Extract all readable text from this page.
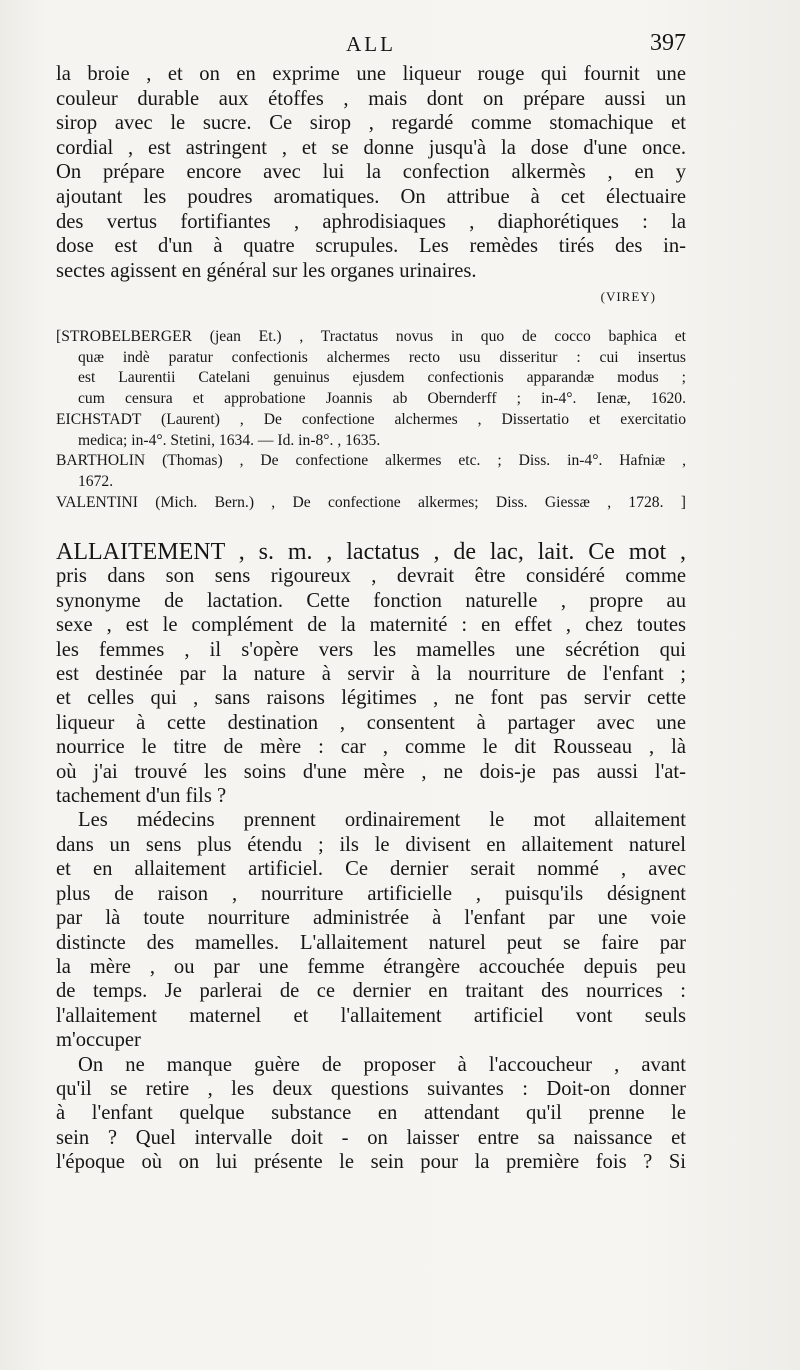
ALL	397
la broie , et on en exprime une liqueur rouge qui fournit une
couleur durable aux étoffes , mais dont on prépare aussi un
sirop avec le sucre. Ce sirop , regardé comme stomachique et
cordial , est astringent , et se donne jusqu'à la dose d'une once.
On prépare encore avec lui la confection alkermès , en y
ajoutant les poudres aromatiques. On attribue à cet électuaire
des vertus fortifiantes , aphrodisiaques , diaphorétiques : la
dose est d'un à quatre scrupules. Les remèdes tirés des in-
sectes agissent en général sur les organes urinaires.
(VIREY)
[STROBELBERGER (jean Et.) , Tractatus novus in quo de cocco baphica et
quæ indè paratur confectionis alchermes recto usu disseritur : cui insertus
est Laurentii Catelani genuinus ejusdem confectionis apparandæ modus ;
cum censura et approbatione Joannis ab Obernderff ; in-4°. Ienæ, 1620.
EICHSTADT (Laurent) , De confectione alchermes , Dissertatio et exercitatio
medica; in-4°. Stetini, 1634. — Id. in-8°. , 1635.
BARTHOLIN (Thomas) , De confectione alkermes etc. ; Diss. in-4°. Hafniæ ,
1672.
VALENTINI (Mich. Bern.) , De confectione alkermes; Diss. Giessæ , 1728. ]
ALLAITEMENT , s. m. , lactatus , de lac, lait. Ce mot ,
pris dans son sens rigoureux , devrait être considéré comme
synonyme de lactation. Cette fonction naturelle , propre au
sexe , est le complément de la maternité : en effet , chez toutes
les femmes , il s'opère vers les mamelles une sécrétion qui
est destinée par la nature à servir à la nourriture de l'enfant ;
et celles qui , sans raisons légitimes , ne font pas servir cette
liqueur à cette destination , consentent à partager avec une
nourrice le titre de mère : car , comme le dit Rousseau , là
où j'ai trouvé les soins d'une mère , ne dois-je pas aussi l'at-
tachement d'un fils ?
Les médecins prennent ordinairement le mot allaitement
dans un sens plus étendu ; ils le divisent en allaitement naturel
et en allaitement artificiel. Ce dernier serait nommé , avec
plus de raison , nourriture artificielle , puisqu'ils désignent
par là toute nourriture administrée à l'enfant par une voie
distincte des mamelles. L'allaitement naturel peut se faire par
la mère , ou par une femme étrangère accouchée depuis peu
de temps. Je parlerai de ce dernier en traitant des nourrices :
l'allaitement maternel et l'allaitement artificiel vont seuls
m'occuper
On ne manque guère de proposer à l'accoucheur , avant
qu'il se retire , les deux questions suivantes : Doit-on donner
à l'enfant quelque substance en attendant qu'il prenne le
sein ? Quel intervalle doit - on laisser entre sa naissance et
l'époque où on lui présente le sein pour la première fois ? Si
